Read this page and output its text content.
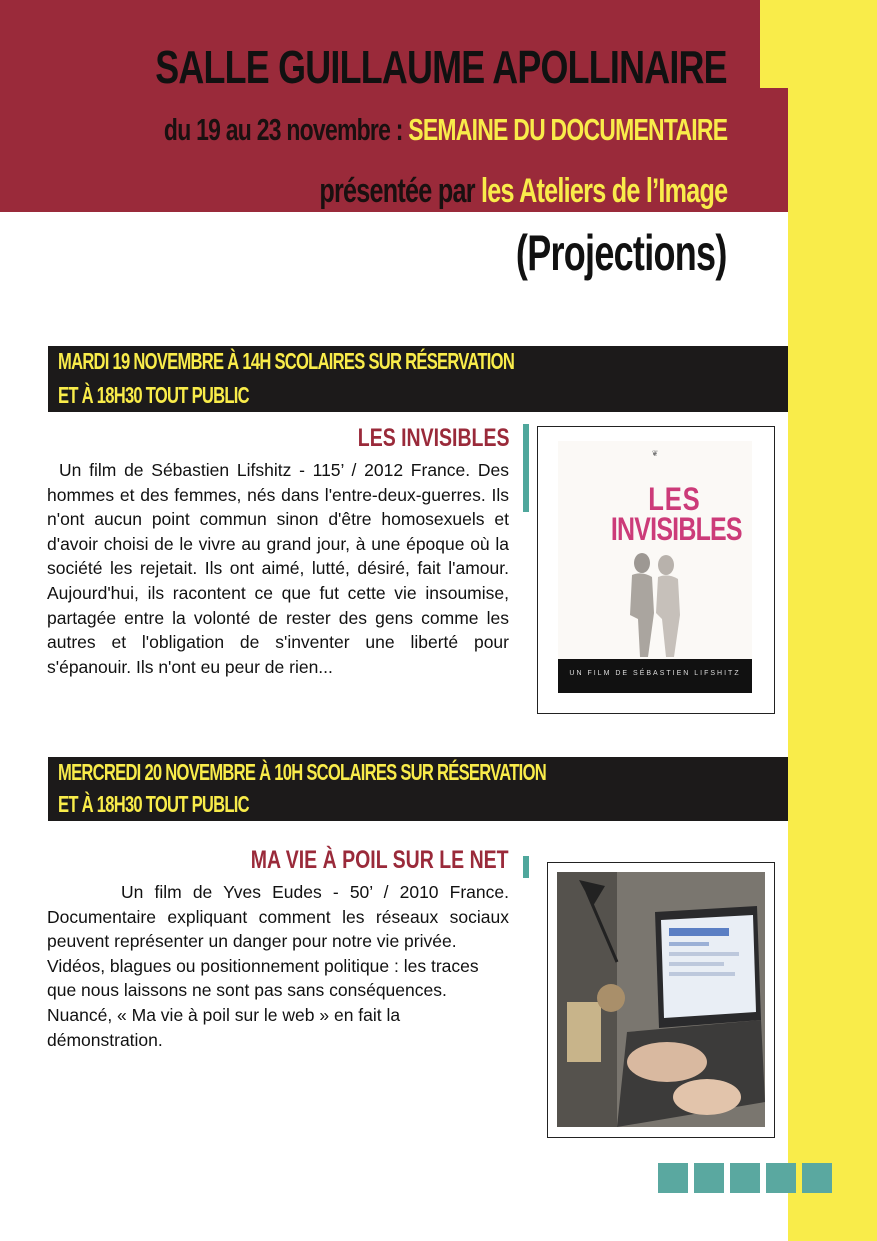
SALLE GUILLAUME APOLLINAIRE
du 19 au 23 novembre : SEMAINE DU DOCUMENTAIRE
présentée par les Ateliers de l’Image
(Projections)
MARDI 19 NOVEMBRE À 14H SCOLAIRES SUR RÉSERVATION
ET À 18H30 TOUT PUBLIC
LES INVISIBLES
Un film de Sébastien Lifshitz - 115’ / 2012 France. Des hommes et des femmes, nés dans l'entre-deux-guerres. Ils n'ont aucun point commun sinon d'être homosexuels et d'avoir choisi de le vivre au grand jour, à une époque où la société les rejetait. Ils ont aimé, lutté, désiré, fait l'amour. Aujourd'hui, ils racontent ce que fut cette vie insoumise, partagée entre la volonté de rester des gens comme les autres et l'obligation de s'inventer une liberté pour s'épanouir. Ils n'ont eu peur de rien...
❦
LES
INVISIBLES
UN FILM DE SÉBASTIEN LIFSHITZ
MERCREDI 20 NOVEMBRE À 10H SCOLAIRES SUR RÉSERVATION
ET À 18H30 TOUT PUBLIC
MA VIE À POIL SUR LE NET

Un film de Yves Eudes - 50’ / 2010 France. Documentaire expliquant comment les réseaux sociaux peuvent représenter un danger pour notre vie privée.

Vidéos, blagues ou positionnement politique : les traces que nous laissons ne sont pas sans conséquences. Nuancé, « Ma vie à poil sur le web » en fait la démonstration.
